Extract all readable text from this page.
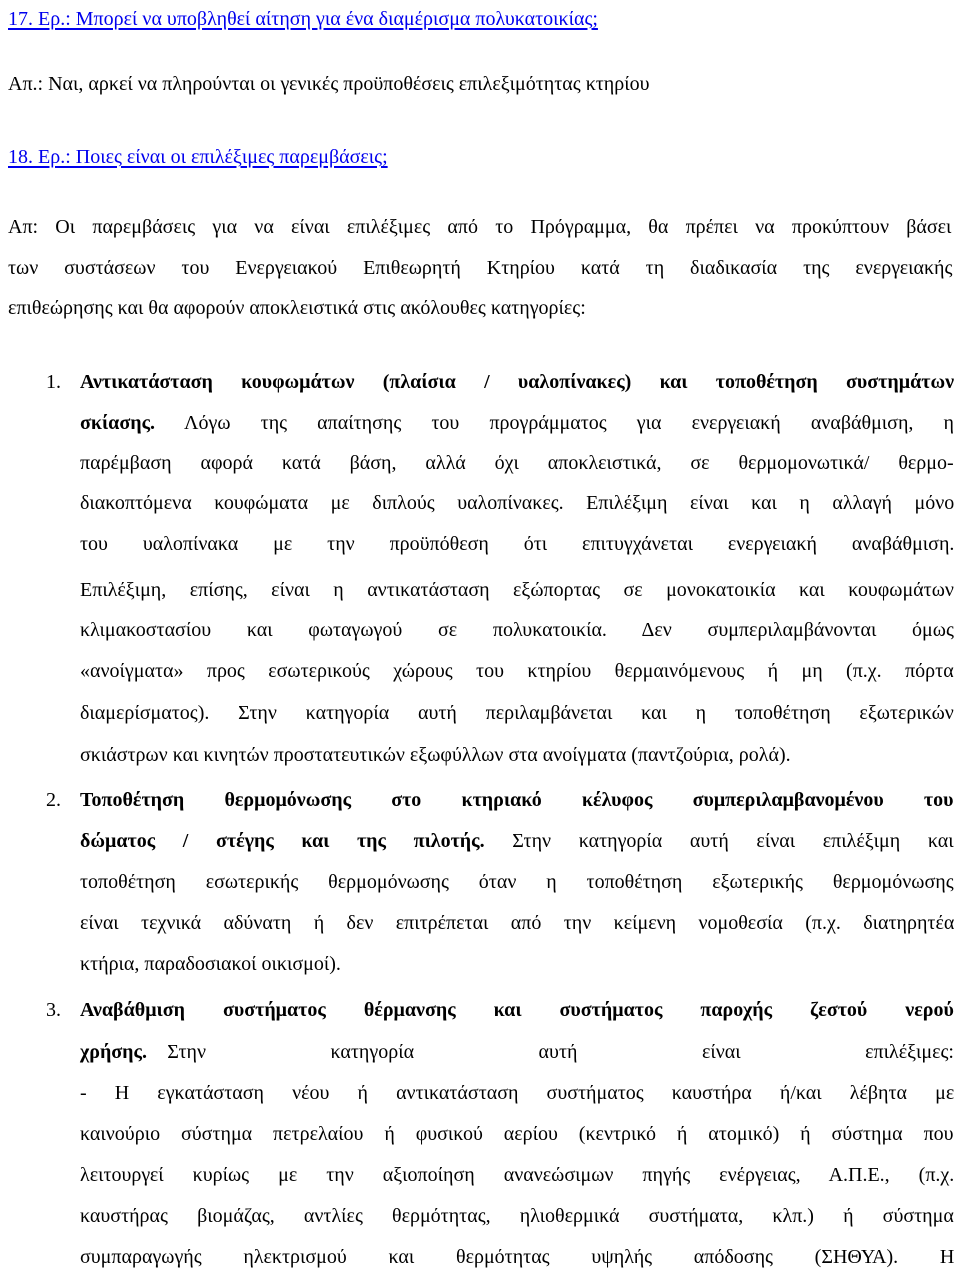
17. Ερ.: Μπορεί να υποβληθεί αίτηση για ένα διαμέρισμα πολυκατοικίας;
Απ.: Ναι, αρκεί να πληρούνται οι γενικές προϋποθέσεις επιλεξιμότητας κτηρίου
18. Ερ.: Ποιες είναι οι επιλέξιμες παρεμβάσεις;
Απ: Οι παρεμβάσεις για να είναι επιλέξιμες από το Πρόγραμμα, θα πρέπει να προκύπτουν βάσει
των συστάσεων του Ενεργειακού Επιθεωρητή Κτηρίου κατά τη διαδικασία της ενεργειακής
επιθεώρησης και θα αφορούν αποκλειστικά στις ακόλουθες κατηγορίες:
1. Αντικατάσταση κουφωμάτων (πλαίσια / υαλοπίνακες) και τοποθέτηση συστημάτων
σκίασης. Λόγω της απαίτησης του προγράμματος για ενεργειακή αναβάθμιση, η
παρέμβαση αφορά κατά βάση, αλλά όχι αποκλειστικά, σε θερμομονωτικά/ θερμο-
διακοπτόμενα κουφώματα με διπλούς υαλοπίνακες. Επιλέξιμη είναι και η αλλαγή μόνο
του υαλοπίνακα με την προϋπόθεση ότι επιτυγχάνεται ενεργειακή αναβάθμιση.
Επιλέξιμη, επίσης, είναι η αντικατάσταση εξώπορτας σε μονοκατοικία και κουφωμάτων
κλιμακοστασίου και φωταγωγού σε πολυκατοικία. Δεν συμπεριλαμβάνονται όμως
«ανοίγματα» προς εσωτερικούς χώρους του κτηρίου θερμαινόμενους ή μη (π.χ. πόρτα
διαμερίσματος). Στην κατηγορία αυτή περιλαμβάνεται και η τοποθέτηση εξωτερικών
σκιάστρων και κινητών προστατευτικών εξωφύλλων στα ανοίγματα (παντζούρια, ρολά).
2. Τοποθέτηση θερμομόνωσης στο κτηριακό κέλυφος συμπεριλαμβανομένου του
δώματος / στέγης και της πιλοτής. Στην κατηγορία αυτή είναι επιλέξιμη και
τοποθέτηση εσωτερικής θερμομόνωσης όταν η τοποθέτηση εξωτερικής θερμομόνωσης
είναι τεχνικά αδύνατη ή δεν επιτρέπεται από την κείμενη νομοθεσία (π.χ. διατηρητέα
κτήρια, παραδοσιακοί οικισμοί).
3. Αναβάθμιση συστήματος θέρμανσης και συστήματος παροχής ζεστού νερού
χρήσης. Στην κατηγορία αυτή είναι επιλέξιμες:
- Η εγκατάσταση νέου ή αντικατάσταση συστήματος καυστήρα ή/και λέβητα με
καινούριο σύστημα πετρελαίου ή φυσικού αερίου (κεντρικό ή ατομικό) ή σύστημα που
λειτουργεί κυρίως με την αξιοποίηση ανανεώσιμων πηγής ενέργειας, Α.Π.Ε., (π.χ.
καυστήρας βιομάζας, αντλίες θερμότητας, ηλιοθερμικά συστήματα, κλπ.) ή σύστημα
συμπαραγωγής ηλεκτρισμού και θερμότητας υψηλής απόδοσης (ΣΗΘΥΑ). Η
